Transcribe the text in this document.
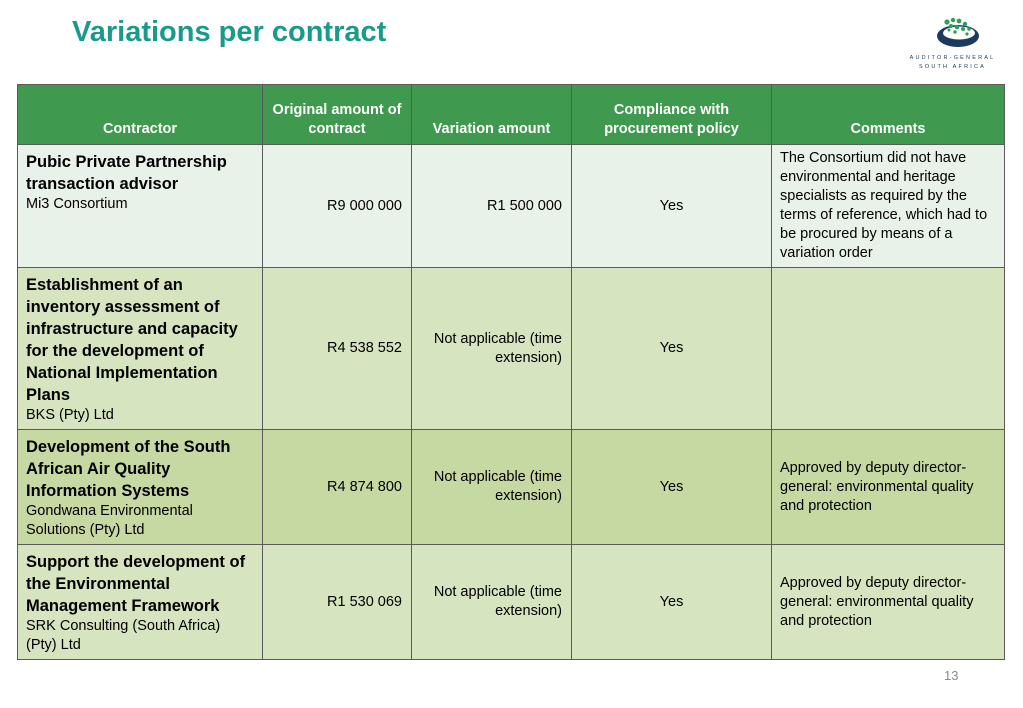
Variations per contract
AUDITOR-GENERAL
SOUTH AFRICA
Contractor	Original amount of contract	Variation amount	Compliance with procurement policy	Comments

Pubic Private Partnership transaction advisor
Mi3 Consortium	R9 000 000	R1 500 000	Yes	The Consortium did not have environmental and heritage specialists as required by the terms of reference, which had to be procured by means of a variation order

Establishment of an inventory assessment of infrastructure and capacity for the development of National Implementation Plans
BKS (Pty) Ltd	R4 538 552	Not applicable (time extension)	Yes	

Development of the South African Air Quality Information Systems
Gondwana Environmental Solutions (Pty) Ltd	R4 874 800	Not applicable (time extension)	Yes	Approved by deputy director-general: environmental quality and protection

Support the development of the Environmental Management Framework
SRK Consulting (South Africa) (Pty) Ltd	R1 530 069	Not applicable (time extension)	Yes	Approved by deputy director-general: environmental quality and protection
13
